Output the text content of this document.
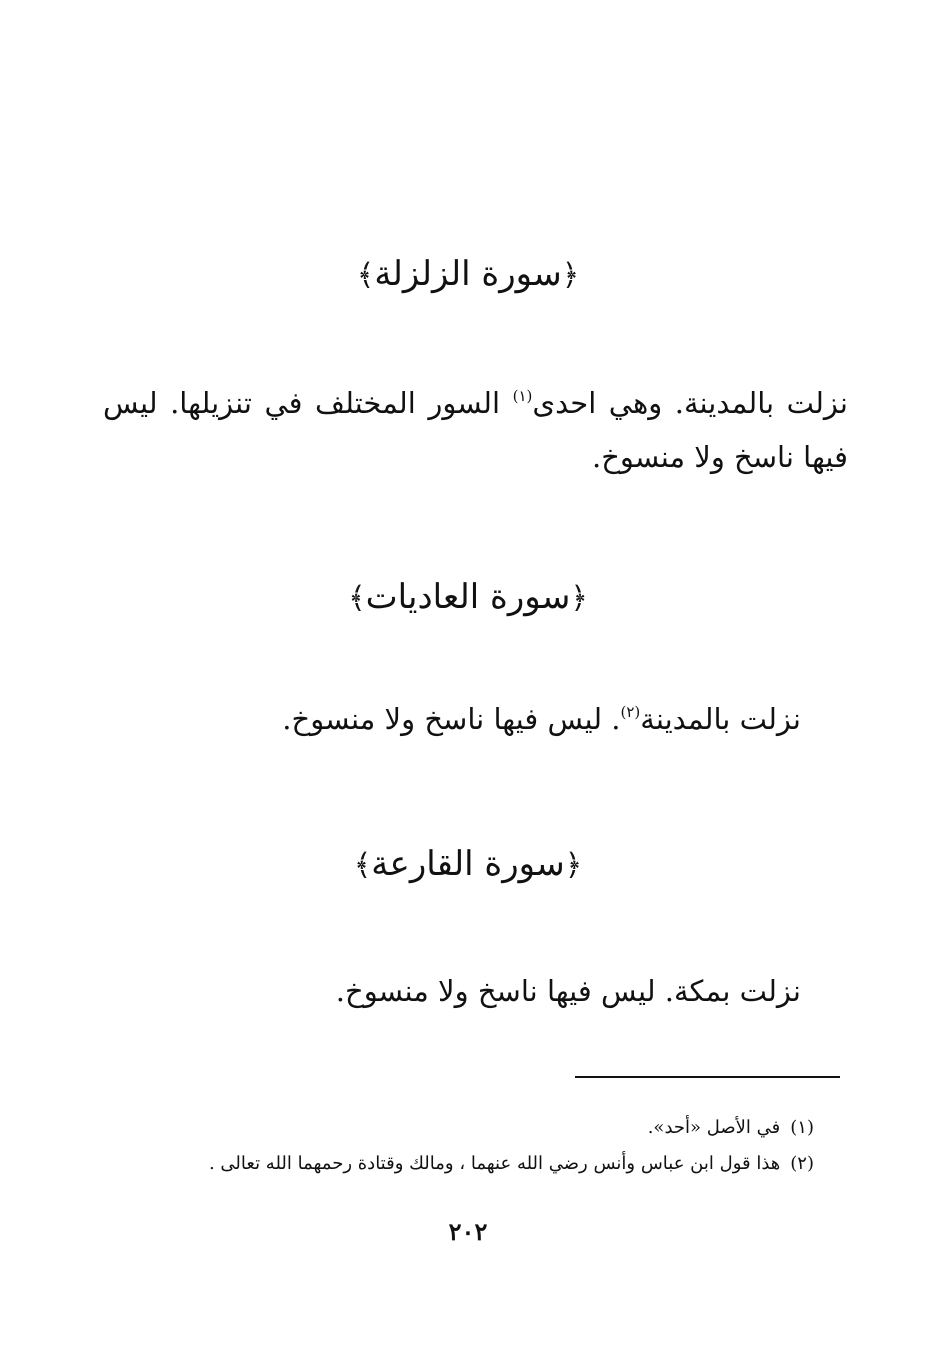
﴿سورة الزلزلة﴾
نزلت بالمدينة. وهي احدى$^{(١)}$ السور المختلف في تنزيلها. ليس فيها ناسخ ولا منسوخ.
﴿سورة العاديات﴾
نزلت بالمدينة$^{(٢)}$. ليس فيها ناسخ ولا منسوخ.
﴿سورة القارعة﴾
نزلت بمكة. ليس فيها ناسخ ولا منسوخ.
(١)في الأصل «أحد».
(٢)هذا قول ابن عباس وأنس رضي الله عنهما ، ومالك وقتادة رحمهما الله تعالى .
٢٠٢
